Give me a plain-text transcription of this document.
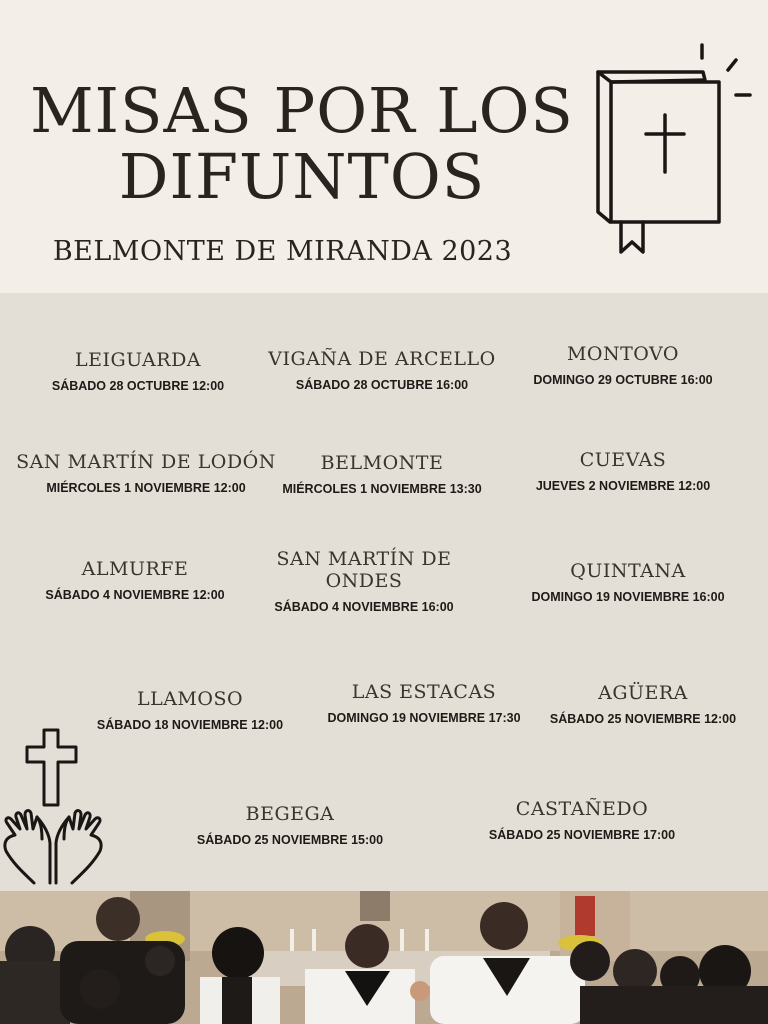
MISAS POR LOS
DIFUNTOS
BELMONTE DE MIRANDA 2023
LEIGUARDA
SÁBADO 28 OCTUBRE 12:00
VIGAÑA DE ARCELLO
SÁBADO 28 OCTUBRE 16:00
MONTOVO
DOMINGO 29 OCTUBRE 16:00
SAN MARTÍN DE LODÓN
MIÉRCOLES 1 NOVIEMBRE 12:00
BELMONTE
MIÉRCOLES 1 NOVIEMBRE 13:30
CUEVAS
JUEVES 2 NOVIEMBRE 12:00
ALMURFE
SÁBADO 4 NOVIEMBRE 12:00
SAN MARTÍN DE ONDES
SÁBADO 4 NOVIEMBRE 16:00
QUINTANA
DOMINGO 19 NOVIEMBRE 16:00
LLAMOSO
SÁBADO 18 NOVIEMBRE 12:00
LAS ESTACAS
DOMINGO 19 NOVIEMBRE 17:30
AGÜERA
SÁBADO 25 NOVIEMBRE 12:00
BEGEGA
SÁBADO 25 NOVIEMBRE 15:00
CASTAÑEDO
SÁBADO 25 NOVIEMBRE 17:00
